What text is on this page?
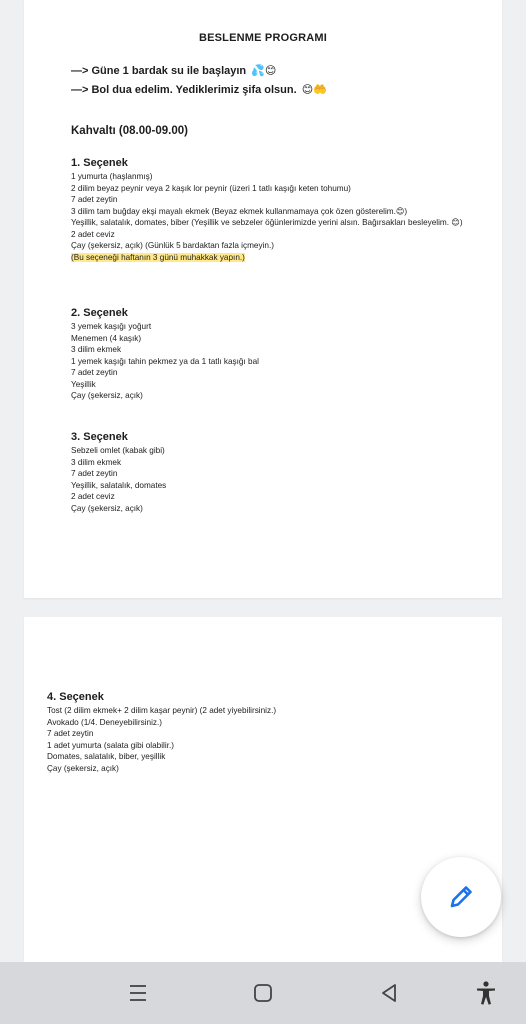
BESLENME PROGRAMI
—> Güne 1 bardak su ile başlayın 💦😊
—> Bol dua edelim. Yediklerimiz şifa olsun. 😊🤲
Kahvaltı (08.00-09.00)
1. Seçenek
1 yumurta (haşlanmış)
2 dilim beyaz peynir veya 2 kaşık lor peynir (üzeri 1 tatlı kaşığı keten tohumu)
7 adet zeytin
3 dilim tam buğday ekşi mayalı ekmek (Beyaz ekmek kullanmamaya çok özen gösterelim.😊)
Yeşillik, salatalık, domates, biber (Yeşillik ve sebzeler öğünlerimizde yerini alsın. Bağırsakları besleyelim. 😊)
2 adet ceviz
Çay (şekersiz, açık) (Günlük 5 bardaktan fazla içmeyin.)
(Bu seçeneği haftanın 3 günü muhakkak yapın.)
2. Seçenek
3 yemek kaşığı yoğurt
Menemen (4 kaşık)
3 dilim ekmek
1 yemek kaşığı tahin pekmez ya da 1 tatlı kaşığı bal
7 adet zeytin
Yeşillik
Çay (şekersiz, açık)
3. Seçenek
Sebzeli omlet (kabak gibi)
3 dilim ekmek
7 adet zeytin
Yeşillik, salatalık, domates
2 adet ceviz
Çay (şekersiz, açık)
4. Seçenek
Tost (2 dilim ekmek+ 2 dilim kaşar peynir) (2 adet yiyebilirsiniz.)
Avokado (1/4. Deneyebilirsiniz.)
7 adet zeytin
1 adet yumurta (salata gibi olabilir.)
Domates, salatalık, biber, yeşillik
Çay (şekersiz, açık)
